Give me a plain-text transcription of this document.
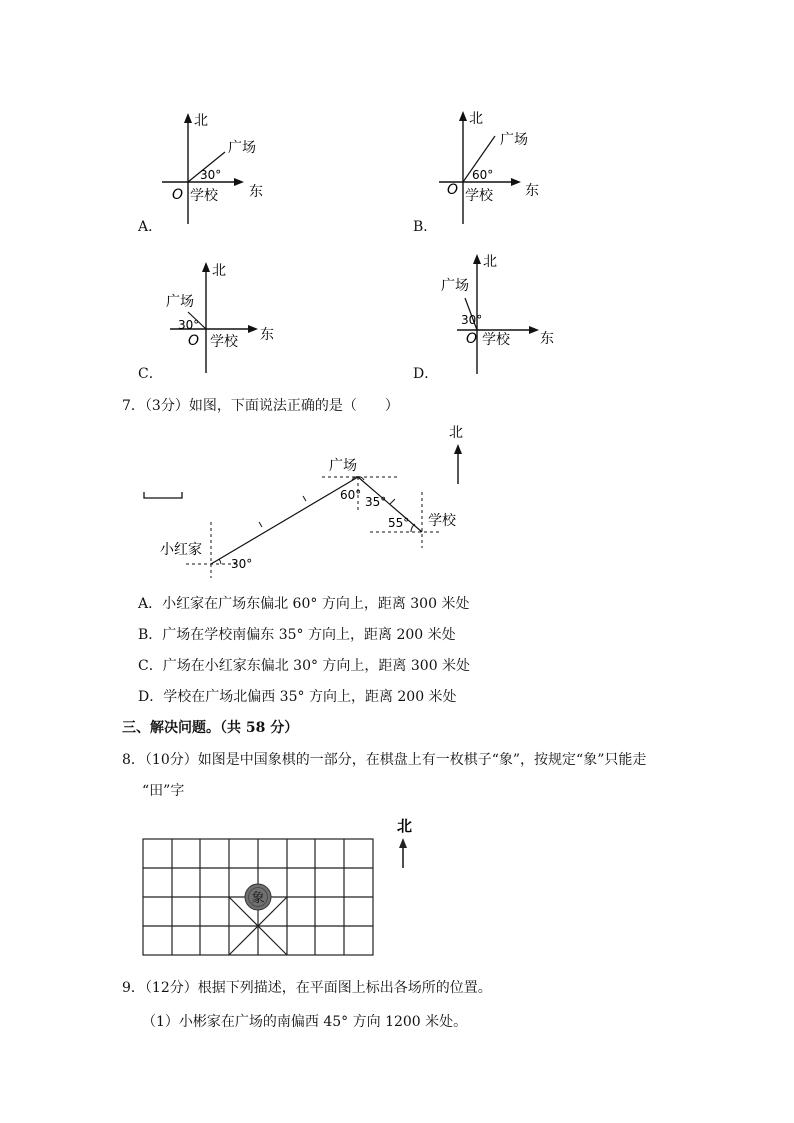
北
广场
30°
O 学校 东
A．
北
广场
60°
O 学校 东
B．
北
广场
30°
O 学校 东
C．
北
广场
30°
O 学校 东
D．
7．（3分）如图，下面说法正确的是（　　）
北
广场
60° 35°
55° 学校
小红家
30°
A．小红家在广场东偏北 60° 方向上，距离 300 米处
B．广场在学校南偏东 35° 方向上，距离 200 米处
C．广场在小红家东偏北 30° 方向上，距离 300 米处
D．学校在广场北偏西 35° 方向上，距离 200 米处
三、解决问题。（共 58 分）
8．（10分）如图是中国象棋的一部分，在棋盘上有一枚棋子“象”，按规定“象”只能走
“田”字
象
北
9．（12分）根据下列描述，在平面图上标出各场所的位置。
（1）小彬家在广场的南偏西 45° 方向 1200 米处。
